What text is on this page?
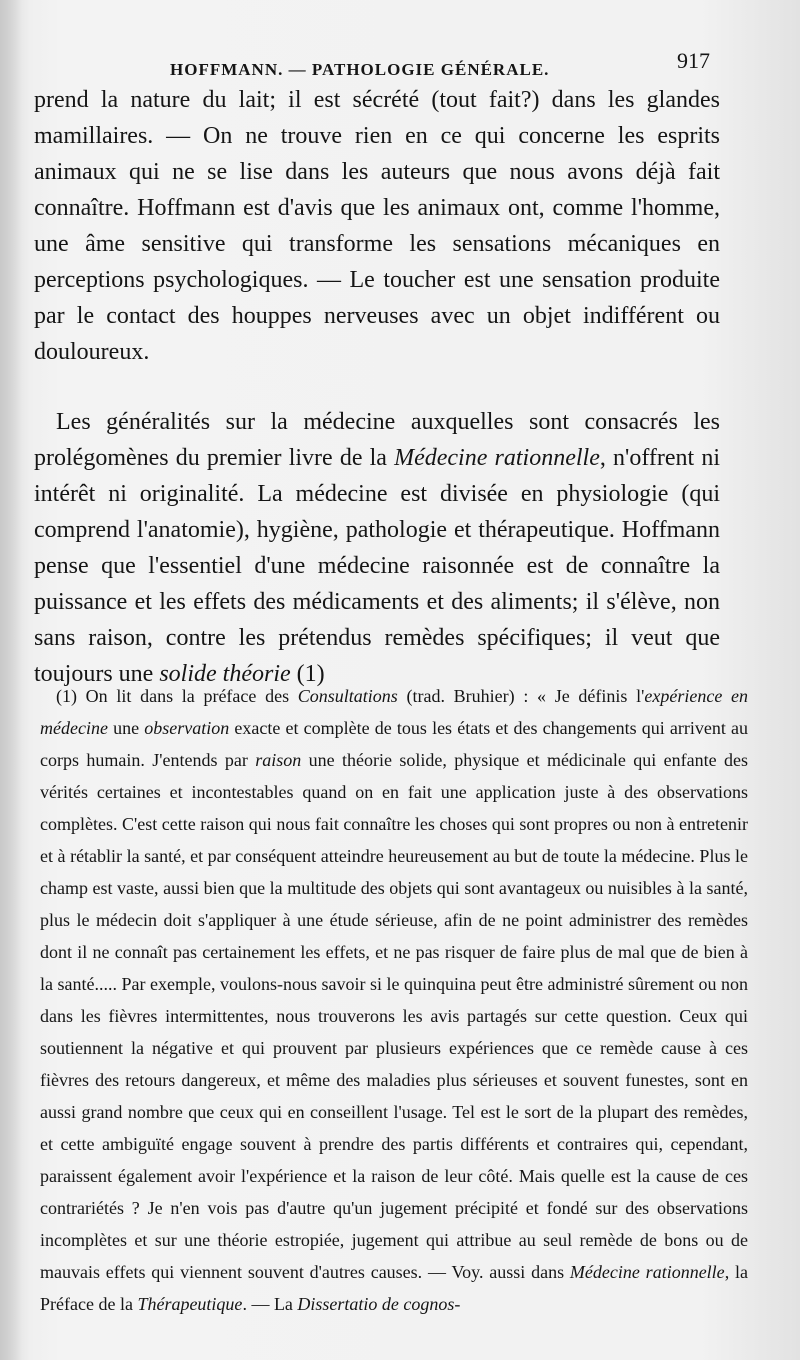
HOFFMANN. — PATHOLOGIE GÉNÉRALE.	917

prend la nature du lait; il est sécrété (tout fait?) dans les glandes mamillaires. — On ne trouve rien en ce qui concerne les esprits animaux qui ne se lise dans les auteurs que nous avons déjà fait connaître. Hoffmann est d'avis que les animaux ont, comme l'homme, une âme sensitive qui transforme les sensations mécaniques en perceptions psychologiques. — Le toucher est une sensation produite par le contact des houppes nerveuses avec un objet indifférent ou douloureux.

Les généralités sur la médecine auxquelles sont consacrés les prolégomènes du premier livre de la Médecine rationnelle, n'offrent ni intérêt ni originalité. La médecine est divisée en physiologie (qui comprend l'anatomie), hygiène, pathologie et thérapeutique. Hoffmann pense que l'essentiel d'une médecine raisonnée est de connaître la puissance et les effets des médicaments et des aliments; il s'élève, non sans raison, contre les prétendus remèdes spécifiques; il veut que toujours une solide théorie (1)

(1) On lit dans la préface des Consultations (trad. Bruhier) : « Je définis l'expérience en médecine une observation exacte et complète de tous les états et des changements qui arrivent au corps humain. J'entends par raison une théorie solide, physique et médicinale qui enfante des vérités certaines et incontestables quand on en fait une application juste à des observations complètes. C'est cette raison qui nous fait connaître les choses qui sont propres ou non à entretenir et à rétablir la santé, et par conséquent atteindre heureusement au but de toute la médecine. Plus le champ est vaste, aussi bien que la multitude des objets qui sont avantageux ou nuisibles à la santé, plus le médecin doit s'appliquer à une étude sérieuse, afin de ne point administrer des remèdes dont il ne connaît pas certainement les effets, et ne pas risquer de faire plus de mal que de bien à la santé..... Par exemple, voulons-nous savoir si le quinquina peut être administré sûrement ou non dans les fièvres intermittentes, nous trouverons les avis partagés sur cette question. Ceux qui soutiennent la négative et qui prouvent par plusieurs expériences que ce remède cause à ces fièvres des retours dangereux, et même des maladies plus sérieuses et souvent funestes, sont en aussi grand nombre que ceux qui en conseillent l'usage. Tel est le sort de la plupart des remèdes, et cette ambiguïté engage souvent à prendre des partis différents et contraires qui, cependant, paraissent également avoir l'expérience et la raison de leur côté. Mais quelle est la cause de ces contrariétés ? Je n'en vois pas d'autre qu'un jugement précipité et fondé sur des observations incomplètes et sur une théorie estropiée, jugement qui attribue au seul remède de bons ou de mauvais effets qui viennent souvent d'autres causes. — Voy. aussi dans Médecine rationnelle, la Préface de la Thérapeutique. — La Dissertatio de cognos-
